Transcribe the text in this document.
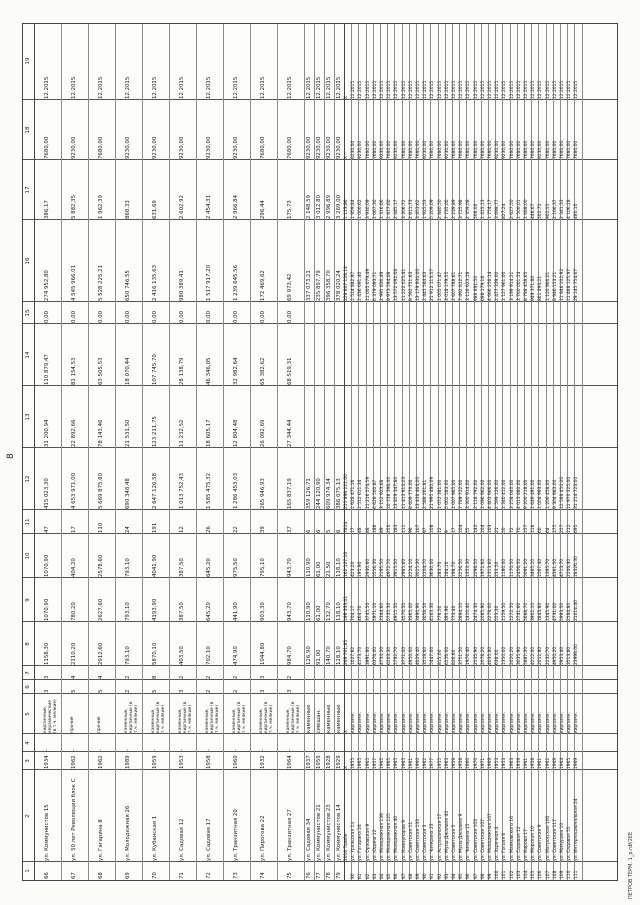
8
1
2
3
4
5
6
7
8
9
10
11
12
13
14
15
16
17
18
19
66
ул. Коммунистов 15
1934
-
кирпичные, керамические (в т.ч. мелкие)
3
3
1158,30
1070,90
1070,90
47
415 023,30
31 200,94
110 879,47
0,00
274 952,80
386,17
7680,00
12.2015
67
ул. 50 лет Революции блок С
1962
-
прочие
5
4
2110,20
780,20
404,20
17
4 653 971,00
22 892,66
81 154,53
0,00
4 545 966,01
5 882,35
9230,00
12.2015
68
ул. Гагарина 8
1962
-
прочие
5
4
2912,60
2627,60
2578,60
110
5 669 875,80
78 143,46
63 505,53
0,00
5 528 225,21
1 962,39
7680,00
12.2015
69
ул. Молодежная 26
1989
-
каменные, кирпичные (в т.ч. мелкие)
2
2
793,10
793,10
793,10
24
690 348,48
21 531,50
18 070,44
0,00
650 746,55
868,33
9230,00
12.2015
70
ул. Кубанская 1
1959
-
каменные, кирпичные (в т.ч. мелкие)
5
8
5870,10
4193,90
4041,90
191
2 647 126,58
123 211,75
107 745,70
0,00
2 416 135,63
631,69
9230,00
12.2015
71
ул. Садовая 12
1953
-
каменные, кирпичные (в т.ч. мелкие)
3
2
403,50
387,50
387,50
12
1 013 752,43
11 232,52
28 138,79
0,00
980 389,41
2 602,92
9230,00
12.2015
72
ул. Садовая 17
1958
-
каменные, кирпичные (в т.ч. мелкие)
2
2
702,10
645,20
645,20
26
1 585 475,32
18 605,17
46 346,05
0,00
1 517 917,20
2 454,31
9230,00
12.2015
73
ул. Транзитная 20
1960
-
каменные, кирпичные (в т.ч. мелкие)
2
2
474,90
441,90
975,50
22
1 286 453,03
12 804,48
32 982,64
0,00
1 239 645,56
2 966,84
9230,00
12.2015
74
ул. Пирогова 22
1932
-
каменные, кирпичные (в т.ч. мелкие)
3
3
1044,80
903,30
795,10
39
265 946,93
26 092,69
65 382,62
0,00
172 469,62
296,44
7680,00
12.2015
75
ул. Транзитная 27
1964
-
каменные, кирпичные (в т.ч. мелкие)
3
2
984,70
943,70
943,70
37
165 837,19
27 344,44
68 519,31
0,00
69 973,42
175,73
7680,00
12.2015
76
ул. Садовая 34
1937
каменные
126,90
110,90
110,90
6
359 126,71
337 073,21
2 148,59
9230,00
12.2015
77
ул. Коммунистов 21
1959
смешан.
91,00
61,00
61,00
6
244 120,90
235 897,79
3 012,80
9230,00
12.2015
78
ул. Коммунистов 23
1928
каменные
140,70
132,70
21,50
5
609 974,34
396 358,70
2 996,89
9230,00
12.2015
79
ул. Коммунистов 14
1929
каменные
128,10
118,10
118,10
6
386 075,13
378 020,24
3 269,00
9230,00
12.2015
2016 Тымбе
Х
Х
269 701,85
199 333,01
162 127,10
7814
255 898 221,00
228 807 128,14
1 113,86
Х
Х
80
ул. Уральская 1а
1955
кирпичн.
1027,82
704,17
423,20
17
1 628 471,16
1 524 882,97
1 959,84
8230,00
12.2015
81
ул. Гагарина 24
1965
кирпичн.
4173,70
464,70
195,90
48
1 512 611,34
1 436 691,40
1 000,62
9230,00
12.2015
82
ул. Орловская 9
1965
кирпичн.
3991,80
3745,50
2930,60
88
11 216 574,59
11 005 079,49
3 930,09
7680,00
12.2015
83
ул. Юдина 12
1957
кирпичн.
6376,00
5971,10
5556,30
186
6 628 500,87
6 379 093,71
1 067,30
7680,00
12.2015
84
ул. Молодежная 139
1965
кирпичн.
4733,20
2344,60
2195,50
89
3 152 923,68
2 995 836,49
1 316,66
9230,00
12.2015
85
ул. Молодежная 125
1965
кирпичн.
6203,30
5735,50
4972,70
250
10 738 398,00
9 973 594,08
1 877,60
7680,00
12.2015
86
ул. Молодежная 40
1965
кирпичн.
5792,70
4915,50
3915,50
183
13 859 347,80
13 572 092,08
2 445,17
9230,00
12.2015
87
ул. Коммунаров 9
1965
кирпичн.
3771,00
3570,50
2985,60
111
11 413 913,23
11 222 025,41
3 306,72
7680,00
12.2015
88
ул. Советская 11
1961
кирпичн.
4950,00
3365,00
2224,10
96
8 609 770,00
8 592 751,63
2 811,73
7680,00
12.2015
89
ул. Советская 133
1960
кирпичн.
4029,40
3490,90
3025,30
107
13 438 464,00
13 179 930,00
3 853,62
7680,00
12.2015
90
ул. Советская 3
1962
кирпичн.
3519,60
3058,50
2204,70
97
2 588 261,81
2 445 584,63
1 925,53
9230,00
12.2015
91
ул. Чичерина 23
1977
кирпичн.
5447,00
4163,30
3630,00
108
21 995 480,09
21 912 113,57
5 209,09
7680,00
12.2015
92
ул. Астраханская 17
1955
кирпичн.
815,00
776,50
283,70
12
1 072 381,00
1 005 071,47
2 840,50
7680,00
12.2015
93
ул. Мусы Джалиля 43
1963
кирпичн.
6556,00
395,90
184,10
9
5 002 583,00
3 018 179,55
7 735,00
9230,00
12.2015
94
ул. Советская 5
1959
кирпичн.
826,60
773,40
198,70
17
1 007 985,00
2 607 788,61
2 239,89
7680,00
12.2015
95
ул. Мусы Джалиля 9
1958
кирпичн.
3751,50
2894,10
2256,50
104
7 789 722,00
7 492 812,71
3 725,98
7680,00
12.2015
96
ул. Чичерина 15
1960
кирпичн.
1976,40
1410,40
1353,30
55
3 300 914,00
3 116 623,18
2 359,08
7680,00
12.2015
97
ул. Советская 103
1970
кирпичн.
2535,90
2474,30
2298,50
142
2 118 792,00
988 691,50
506,00
7680,00
12.2015
98
ул. Советская 107
1971
кирпичн.
2078,20
2085,90
1972,60
104
1 096 962,00
698 179,18
1 415,13
7680,00
12.2015
99
ул. Молодежная 107
1969
кирпичн.
4035,80
2278,00
2313,60
103
4 403 966,00
4 666 256,14
1 754,17
7680,00
12.2015
100
ул. Заречная 4
1953
кирпичн.
636,00
553,30
233,50
21
2 599 126,00
2 477 339,00
3 698,77
9230,00
12.2015
101
ул. Гоголя 8
1953
кирпичн.
1350,00
1159,50
1180,00
50
1 340 412,00
1 127 961,00
827,24
9230,00
12.2015
102
ул. Маяковского 16
1963
кирпичн.
2020,20
1272,50
1170,50
72
3 258 040,00
3 199 914,21
2 627,50
7680,00
12.2015
103
ул. Садовая 12
1959
кирпичн.
3035,90
2741,60
2456,50
70
4 013 880,00
3 760 001,54
1 500,01
7680,00
12.2015
104
ул. Кирова 17
1961
кирпичн.
5887,30
5688,70
5091,20
157
9 200 218,00
8 788 458,65
1 688,00
7680,00
12.2015
105
ул. Морская 10
1958
кирпичн.
4212,00
3902,10
3465,10
116
1 649 491,00
949 371,80
446,67
7680,00
12.2015
106
ул. Советская 9
1961
кирпичн.
2012,80
1843,80
1567,40
60
1 004 993,00
861 493,21
502,72
9230,00
12.2015
107
ул. Матросская 100
1962
кирпичн.
2232,70
1345,90
1395,70
64
1 206 458,00
1 120 966,01
902,55
7680,00
12.2015
108
ул. Советская 117
1969
кирпичн.
4950,20
4731,00
4361,50
175
9 304 983,00
8 946 153,21
2 166,37
7680,00
12.2015
109
ул. Мичурина 10
1964
кирпичн.
5953,40
5993,50
4713,70
257
12 588 450,00
11 946 102,92
2 341,33
7680,00
12.2015
110
ул. Садовая 55
1965
кирпичн.
3513,80
2584,80
2206,40
112
11 970 325,00
11 488 125,97
4 106,28
7680,00
12.2015
111
ул. Интернациональная 24
1969
кирпичн.
23998,00
21014,40
18326,30
695
31 214 723,00
29 145 754,67
480,10
7680,00
12.2015
ПЕТРОВ ТЕРМ. 1_р.rdf/2ЕЕ
